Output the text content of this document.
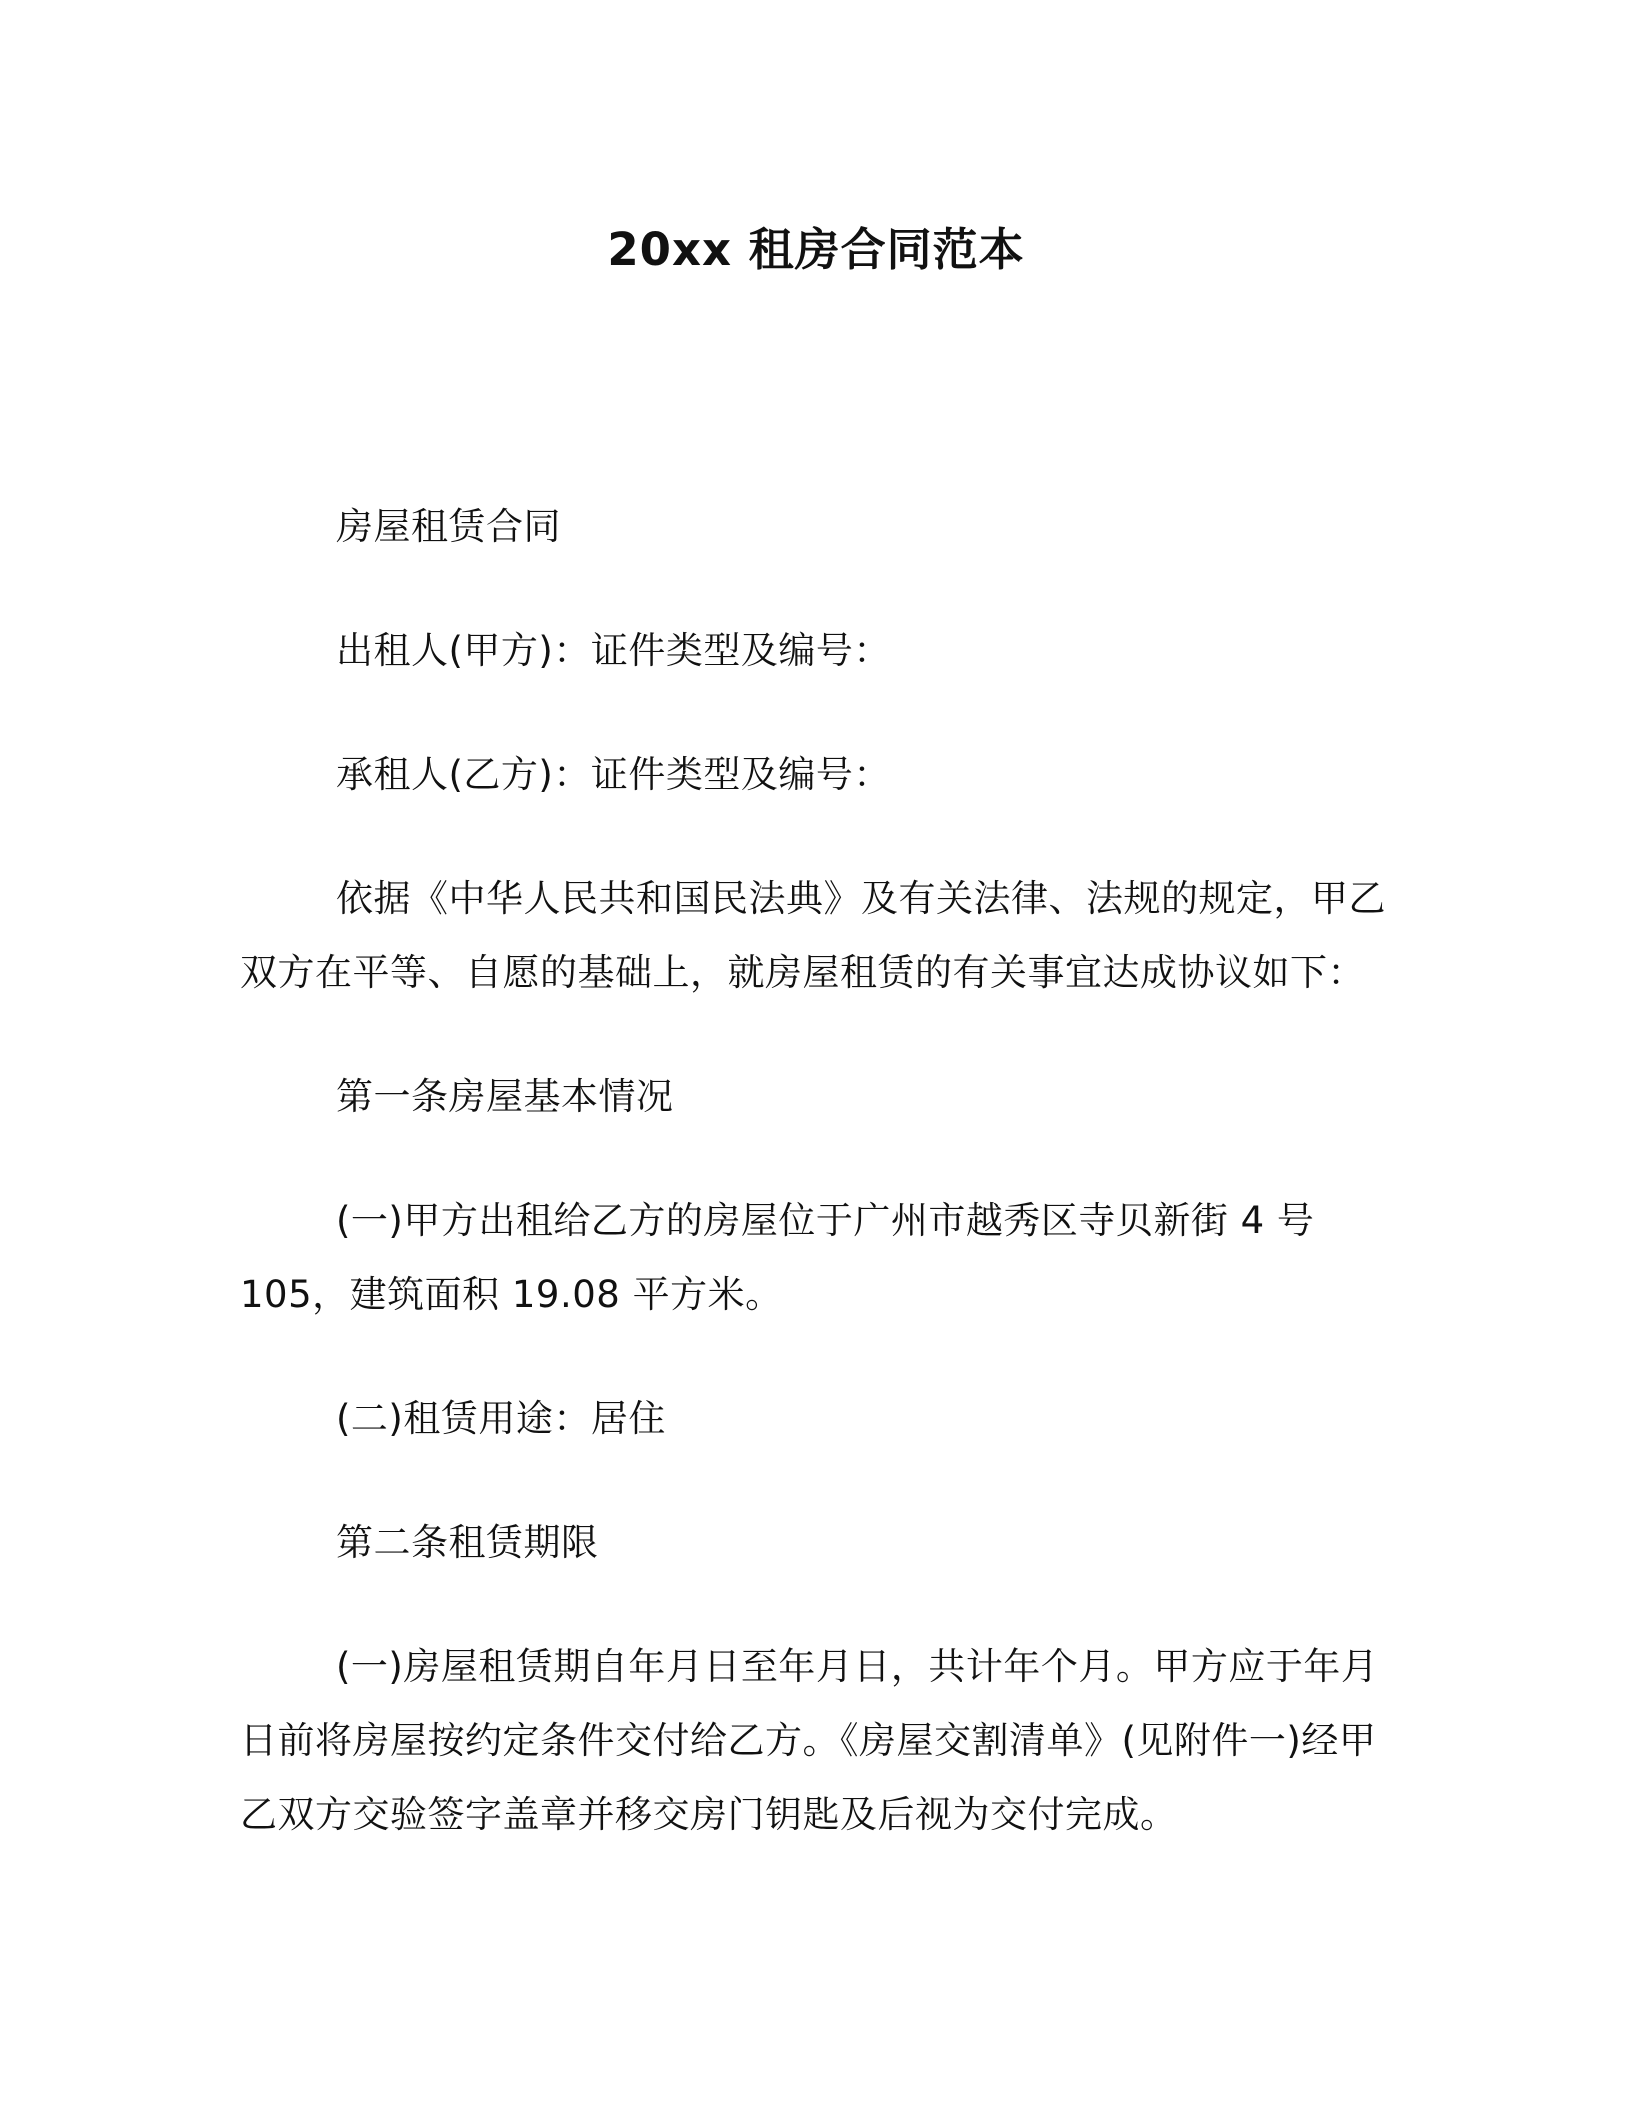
20xx 租房合同范本

房屋租赁合同

出租人(甲方)：证件类型及编号：

承租人(乙方)：证件类型及编号：

依据《中华人民共和国民法典》及有关法律、法规的规定，甲乙双方在平等、自愿的基础上，就房屋租赁的有关事宜达成协议如下：

第一条房屋基本情况

(一)甲方出租给乙方的房屋位于广州市越秀区寺贝新街 4 号 105，建筑面积 19.08 平方米。

(二)租赁用途：居住

第二条租赁期限

(一)房屋租赁期自年月日至年月日，共计年个月。甲方应于年月日前将房屋按约定条件交付给乙方。《房屋交割清单》(见附件一)经甲乙双方交验签字盖章并移交房门钥匙及后视为交付完成。
